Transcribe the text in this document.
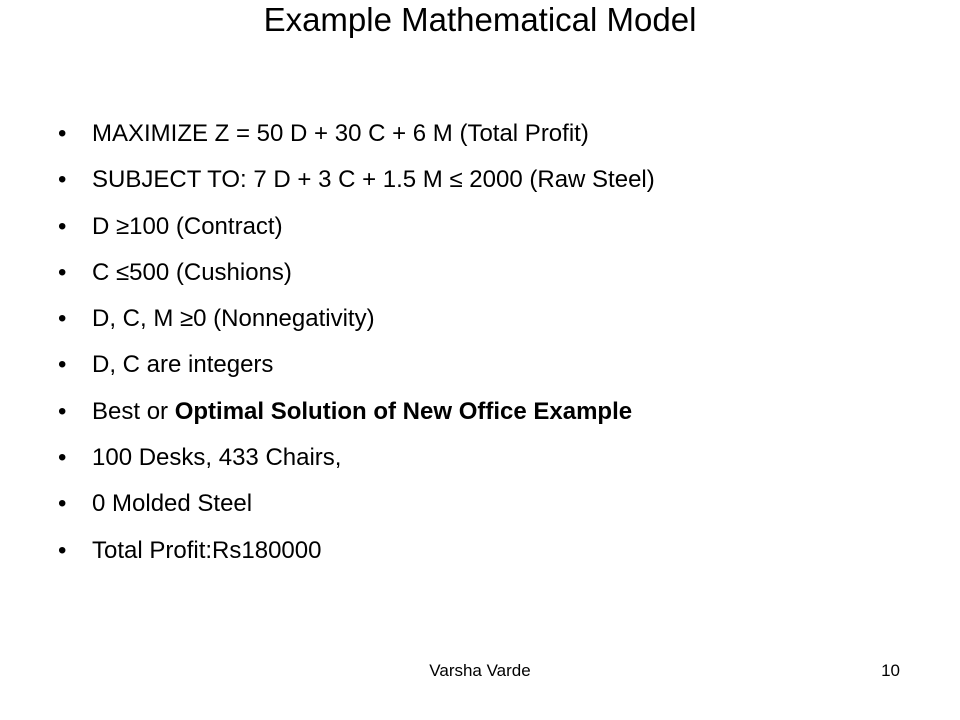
Example Mathematical Model
•	MAXIMIZE Z = 50 D + 30 C + 6 M (Total Profit)
•	SUBJECT TO: 7 D + 3 C + 1.5 M ≤ 2000 (Raw Steel)
•	D ≥100 (Contract)
•	C ≤500 (Cushions)
•	D, C, M ≥0 (Nonnegativity)
•	D, C are integers
•	Best or Optimal Solution of New Office Example
•	100 Desks, 433 Chairs,
•	0 Molded Steel
•	Total Profit:Rs180000
Varsha Varde	10
